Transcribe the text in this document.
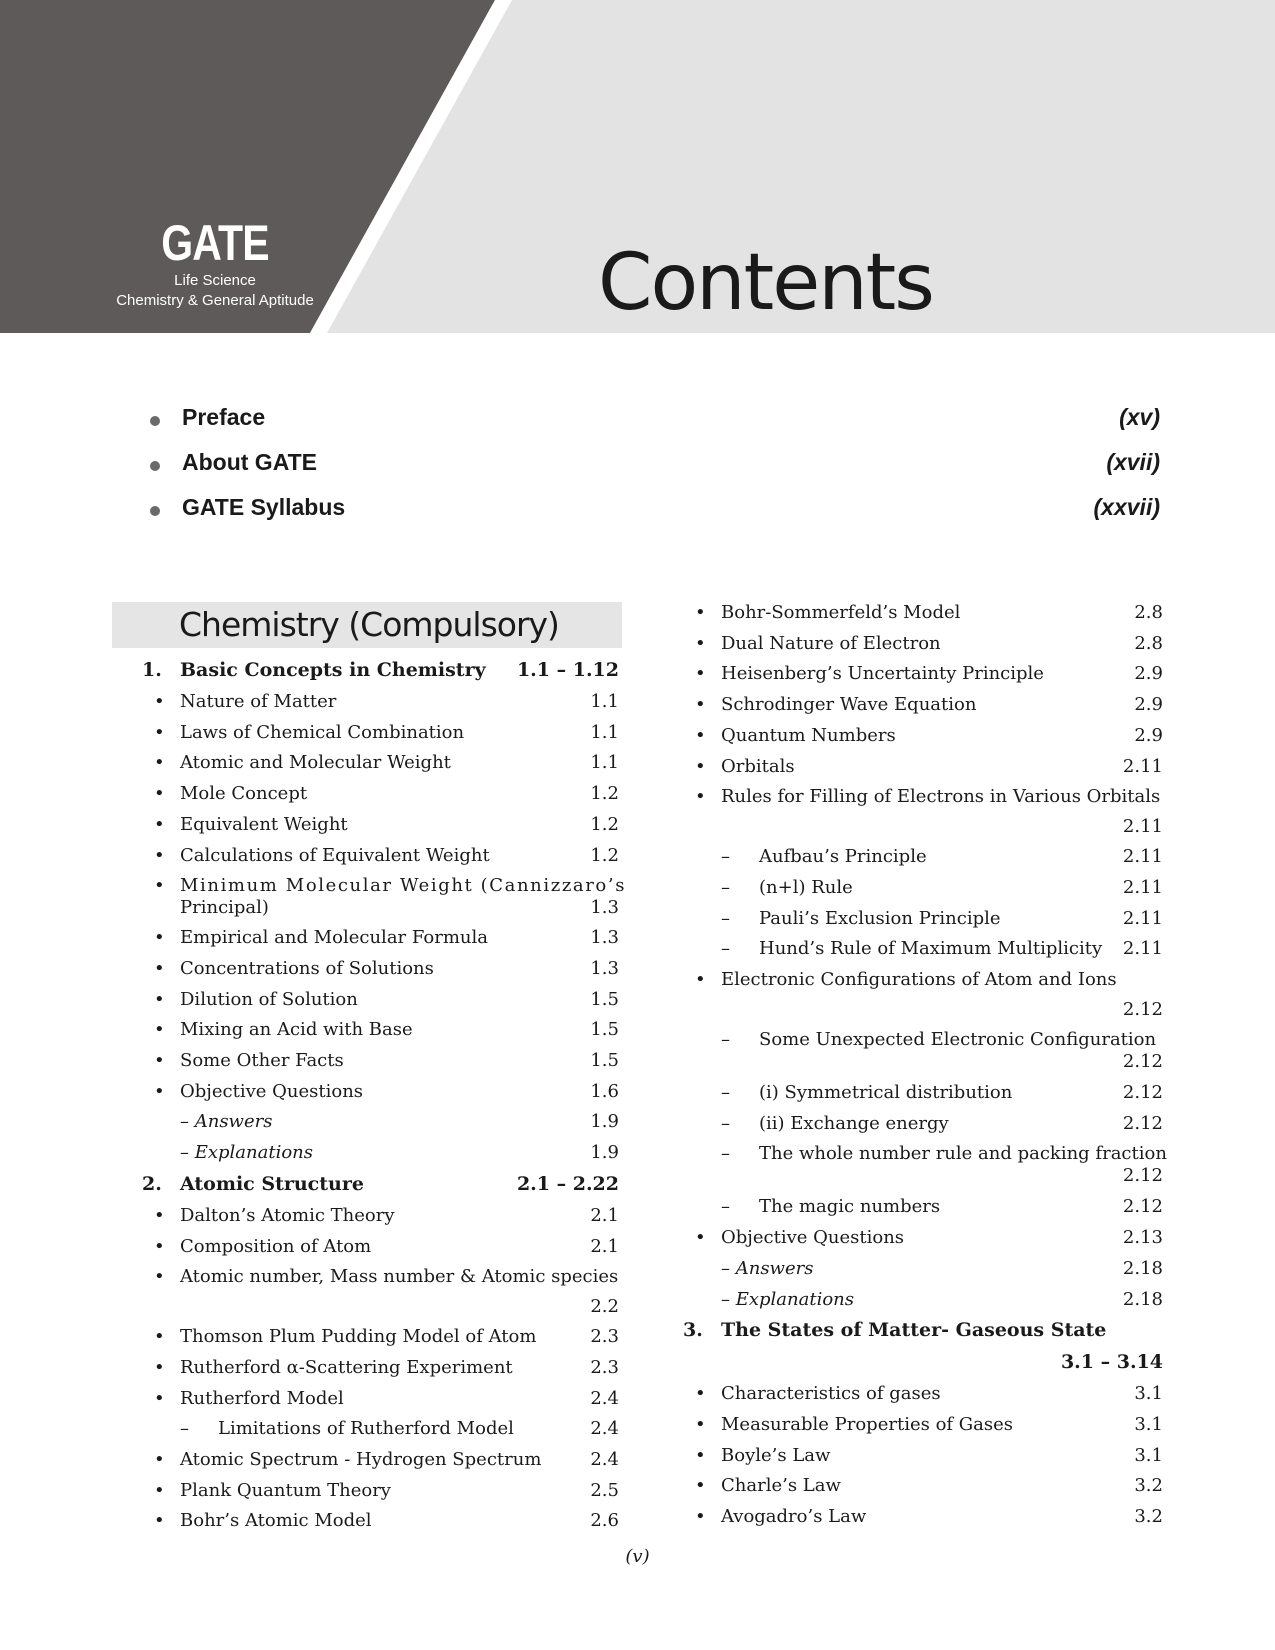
GATE
Life Science
Chemistry & General Aptitude	Contents
Preface	(xv)
About GATE	(xvii)
GATE Syllabus	(xxvii)
Chemistry (Compulsory)
1. Basic Concepts in Chemistry 1.1 – 1.12
• Nature of Matter	1.1
• Laws of Chemical Combination	1.1
• Atomic and Molecular Weight	1.1
• Mole Concept	1.2
• Equivalent Weight	1.2
• Calculations of Equivalent Weight	1.2
• Minimum Molecular Weight (Cannizzaro’s
Principal)	1.3
• Empirical and Molecular Formula	1.3
• Concentrations of Solutions	1.3
• Dilution of Solution	1.5
• Mixing an Acid with Base	1.5
• Some Other Facts	1.5
• Objective Questions	1.6
– Answers	1.9
– Explanations	1.9
2. Atomic Structure	2.1 – 2.22
• Dalton’s Atomic Theory	2.1
• Composition of Atom	2.1
• Atomic number, Mass number & Atomic species
2.2
• Thomson Plum Pudding Model of Atom	2.3
• Rutherford α-Scattering Experiment	2.3
• Rutherford Model	2.4
– Limitations of Rutherford Model	2.4
• Atomic Spectrum - Hydrogen Spectrum	2.4
• Plank Quantum Theory	2.5
• Bohr’s Atomic Model	2.6
• Bohr-Sommerfeld’s Model	2.8
• Dual Nature of Electron	2.8
• Heisenberg’s Uncertainty Principle	2.9
• Schrodinger Wave Equation	2.9
• Quantum Numbers	2.9
• Orbitals	2.11
• Rules for Filling of Electrons in Various Orbitals
2.11
– Aufbau’s Principle	2.11
– (n+l) Rule	2.11
– Pauli’s Exclusion Principle	2.11
– Hund’s Rule of Maximum Multiplicity 2.11
• Electronic Configurations of Atom and Ions
2.12
– Some Unexpected Electronic Configuration
2.12
– (i) Symmetrical distribution	2.12
– (ii) Exchange energy	2.12
– The whole number rule and packing fraction
2.12
– The magic numbers	2.12
• Objective Questions	2.13
– Answers	2.18
– Explanations	2.18
3. The States of Matter- Gaseous State
3.1 – 3.14
• Characteristics of gases	3.1
• Measurable Properties of Gases	3.1
• Boyle’s Law	3.1
• Charle’s Law	3.2
• Avogadro’s Law	3.2
(v)
